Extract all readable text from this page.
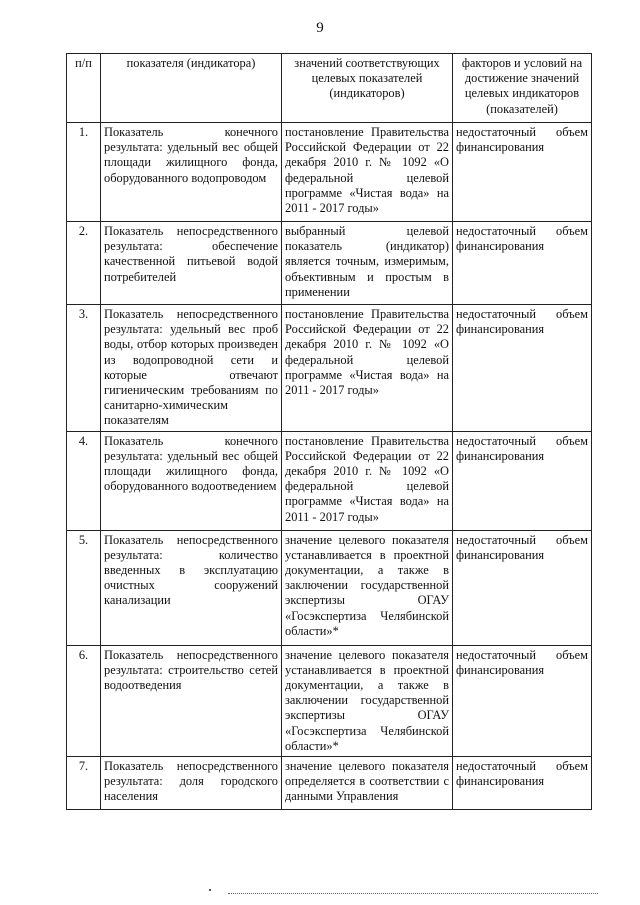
9
п/п	показателя (индикатора)	значений соответствующих целевых показателей (индикаторов)	факторов и условий на достижение значений целевых индикаторов (показателей)
1.	Показатель конечного результата: удельный вес общей площади жилищного фонда, оборудованного водопроводом	постановление Правительства Российской Федерации от 22 декабря 2010 г. № 1092 «О федеральной целевой программе «Чистая вода» на 2011 - 2017 годы»	недостаточный объем финансирования
2.	Показатель непосредственного результата: обеспечение качественной питьевой водой потребителей	выбранный целевой показатель (индикатор) является точным, измеримым, объективным и простым в применении	недостаточный объем финансирования
3.	Показатель непосредственного результата: удельный вес проб воды, отбор которых произведен из водопроводной сети и которые отвечают гигиеническим требованиям по санитарно-химическим показателям	постановление Правительства Российской Федерации от 22 декабря 2010 г. № 1092 «О федеральной целевой программе «Чистая вода» на 2011 - 2017 годы»	недостаточный объем финансирования
4.	Показатель конечного результата: удельный вес общей площади жилищного фонда, оборудованного водоотведением	постановление Правительства Российской Федерации от 22 декабря 2010 г. № 1092 «О федеральной целевой программе «Чистая вода» на 2011 - 2017 годы»	недостаточный объем финансирования
5.	Показатель непосредственного результата: количество введенных в эксплуатацию очистных сооружений канализации	значение целевого показателя устанавливается в проектной документации, а также в заключении государственной экспертизы ОГАУ «Госэкспертиза Челябинской области»*	недостаточный объем финансирования
6.	Показатель непосредственного результата: строительство сетей водоотведения	значение целевого показателя устанавливается в проектной документации, а также в заключении государственной экспертизы ОГАУ «Госэкспертиза Челябинской области»*	недостаточный объем финансирования
7.	Показатель непосредственного результата: доля городского населения	значение целевого показателя определяется в соответствии с данными Управления	недостаточный объем финансирования
